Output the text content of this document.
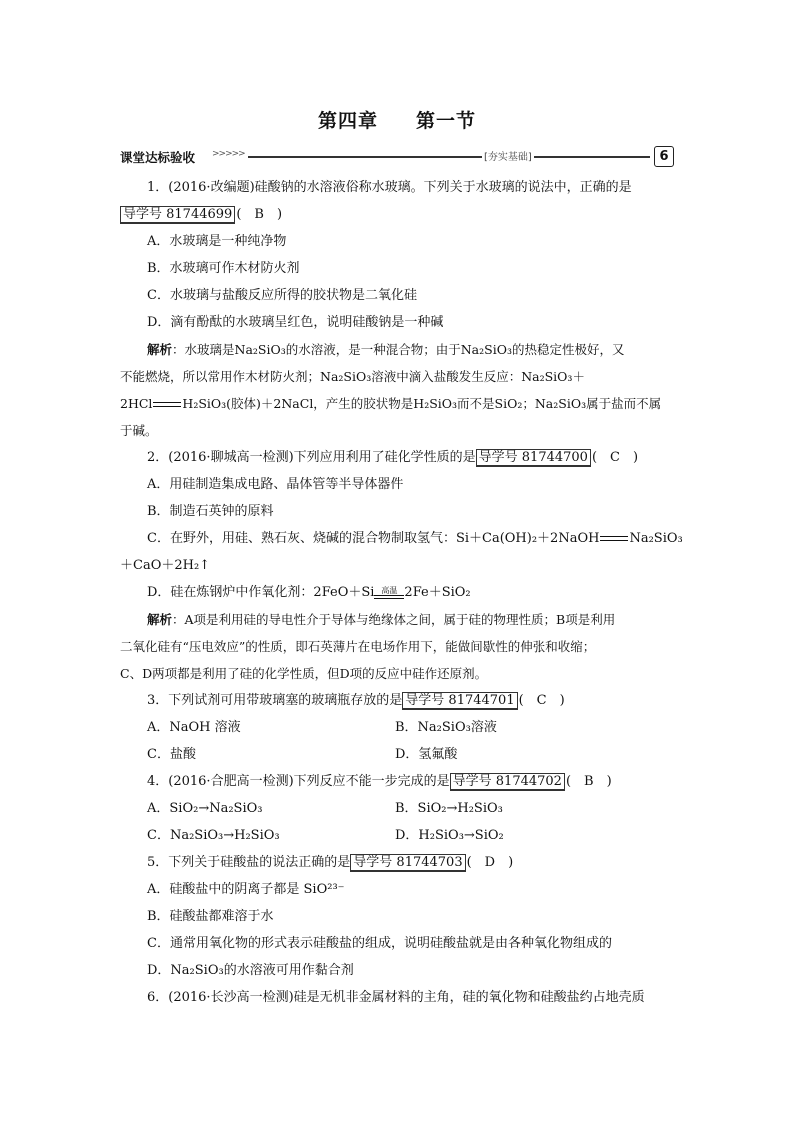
第四章 第一节
课堂达标验收 >>>>>	[夯实基础]	6
1．(2016·改编题)硅酸钠的水溶液俗称水玻璃。下列关于水玻璃的说法中，正确的是
导学号 81744699 (　B　)
A．水玻璃是一种纯净物
B．水玻璃可作木材防火剂
C．水玻璃与盐酸反应所得的胶状物是二氧化硅
D．滴有酚酞的水玻璃呈红色，说明硅酸钠是一种碱
解析：水玻璃是Na₂SiO₃的水溶液，是一种混合物；由于Na₂SiO₃的热稳定性极好，又
不能燃烧，所以常用作木材防火剂；Na₂SiO₃溶液中滴入盐酸发生反应：Na₂SiO₃＋
2HCl H₂SiO₃(胶体)＋2NaCl，产生的胶状物是H₂SiO₃而不是SiO₂；Na₂SiO₃属于盐而不属
于碱。
2．(2016·聊城高一检测)下列应用利用了硅化学性质的是 导学号 81744700 (　C　)
A．用硅制造集成电路、晶体管等半导体器件
B．制造石英钟的原料
C．在野外，用硅、熟石灰、烧碱的混合物制取氢气：Si＋Ca(OH)₂＋2NaOH Na₂SiO₃
＋CaO＋2H₂↑
D．硅在炼钢炉中作氧化剂：2FeO＋Si 高温 2Fe＋SiO₂
解析：A项是利用硅的导电性介于导体与绝缘体之间，属于硅的物理性质；B项是利用
二氧化硅有“压电效应”的性质，即石英薄片在电场作用下，能做间歇性的伸张和收缩；
C、D两项都是利用了硅的化学性质，但D项的反应中硅作还原剂。
3．下列试剂可用带玻璃塞的玻璃瓶存放的是 导学号 81744701 (　C　)
A．NaOH 溶液	B．Na₂SiO₃溶液
C．盐酸	D．氢氟酸
4．(2016·合肥高一检测)下列反应不能一步完成的是 导学号 81744702 (　B　)
A．SiO₂→Na₂SiO₃	B．SiO₂→H₂SiO₃
C．Na₂SiO₃→H₂SiO₃	D．H₂SiO₃→SiO₂
5．下列关于硅酸盐的说法正确的是 导学号 81744703 (　D　)
A．硅酸盐中的阴离子都是 SiO²³⁻
B．硅酸盐都难溶于水
C．通常用氧化物的形式表示硅酸盐的组成，说明硅酸盐就是由各种氧化物组成的
D．Na₂SiO₃的水溶液可用作黏合剂
6．(2016·长沙高一检测)硅是无机非金属材料的主角，硅的氧化物和硅酸盐约占地壳质
